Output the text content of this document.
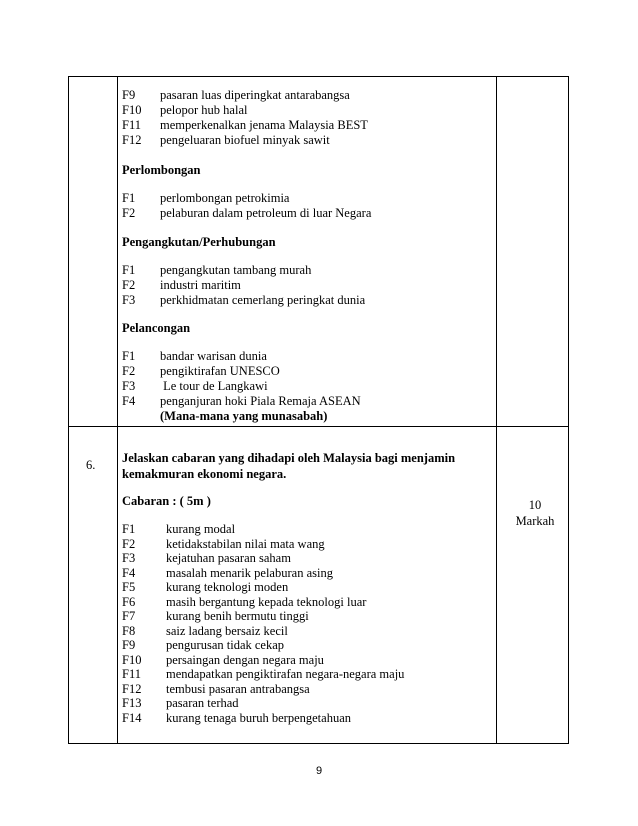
F9 pasaran luas diperingkat antarabangsa
F10 pelopor hub halal
F11 memperkenalkan jenama Malaysia BEST
F12 pengeluaran biofuel minyak sawit
Perlombongan
F1 perlombongan petrokimia
F2 pelaburan dalam petroleum di luar Negara
Pengangkutan/Perhubungan
F1 pengangkutan tambang murah
F2 industri maritim
F3 perkhidmatan cemerlang peringkat dunia
Pelancongan
F1 bandar warisan dunia
F2 pengiktirafan UNESCO
F3 Le tour de Langkawi
F4 penganjuran hoki Piala Remaja ASEAN
(Mana-mana yang munasabah)
6. Jelaskan cabaran yang dihadapi oleh Malaysia bagi menjamin
kemakmuran ekonomi negara.
Cabaran : ( 5m )	10
Markah
F1 kurang modal
F2 ketidakstabilan nilai mata wang
F3 kejatuhan pasaran saham
F4 masalah menarik pelaburan asing
F5 kurang teknologi moden
F6 masih bergantung kepada teknologi luar
F7 kurang benih bermutu tinggi
F8 saiz ladang bersaiz kecil
F9 pengurusan tidak cekap
F10 persaingan dengan negara maju
F11 mendapatkan pengiktirafan negara-negara maju
F12 tembusi pasaran antrabangsa
F13 pasaran terhad
F14 kurang tenaga buruh berpengetahuan
9
